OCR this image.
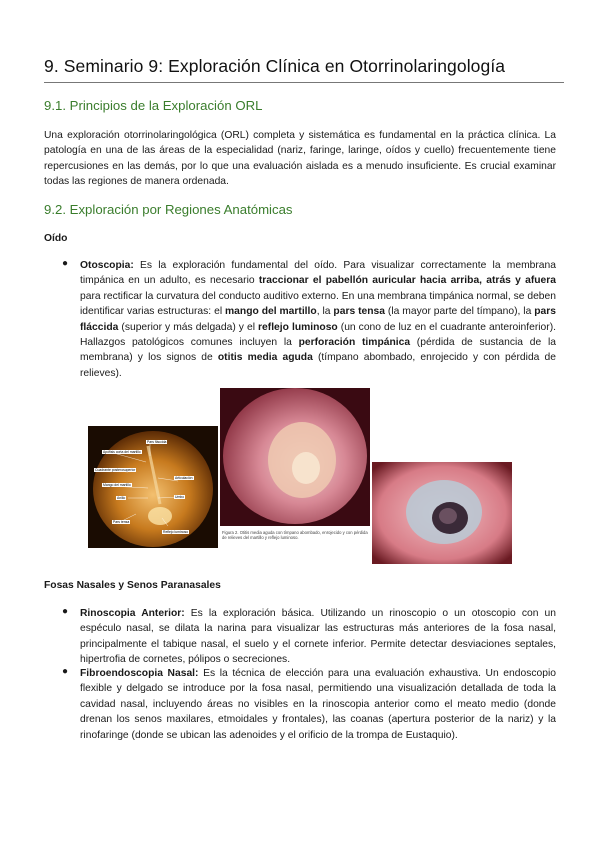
9. Seminario 9: Exploración Clínica en Otorrinolaringología
9.1. Principios de la Exploración ORL

Una exploración otorrinolaringológica (ORL) completa y sistemática es fundamental en la práctica clínica. La patología en una de las áreas de la especialidad (nariz, faringe, laringe, oídos y cuello) frecuentemente tiene repercusiones en las demás, por lo que una evaluación aislada es a menudo insuficiente. Es crucial examinar todas las regiones de manera ordenada.

9.2. Exploración por Regiones Anatómicas
Oído
● Otoscopia: Es la exploración fundamental del oído. Para visualizar correctamente la membrana timpánica en un adulto, es necesario traccionar el pabellón auricular hacia arriba, atrás y afuera para rectificar la curvatura del conducto auditivo externo. En una membrana timpánica normal, se deben identificar varias estructuras: el mango del martillo, la pars tensa (la mayor parte del tímpano), la pars fláccida (superior y más delgada) y el reflejo luminoso (un cono de luz en el cuadrante anteroinferior). Hallazgos patológicos comunes incluyen la perforación timpánica (pérdida de sustancia de la membrana) y los signos de otitis media aguda (tímpano abombado, enrojecido y con pérdida de relieves).

Pars fláccida
Apófisis corta del martillo
Articulación
Mango del martillo
Anillo	Umbo
Cuadrante posterosuperior
Reflejo luminoso
Pars tensa
Figura 2. Otitis media aguda con tímpano abombado, enrojecido y con pérdida de relieves del martillo y reflejo luminoso.
Fosas Nasales y Senos Paranasales
● Rinoscopia Anterior: Es la exploración básica. Utilizando un rinoscopio o un otoscopio con un espéculo nasal, se dilata la narina para visualizar las estructuras más anteriores de la fosa nasal, principalmente el tabique nasal, el suelo y el cornete inferior. Permite detectar desviaciones septales, hipertrofia de cornetes, pólipos o secreciones.

● Fibroendoscopia Nasal: Es la técnica de elección para una evaluación exhaustiva. Un endoscopio flexible y delgado se introduce por la fosa nasal, permitiendo una visualización detallada de toda la cavidad nasal, incluyendo áreas no visibles en la rinoscopia anterior como el meato medio (donde drenan los senos maxilares, etmoidales y frontales), las coanas (apertura posterior de la nariz) y la rinofaringe (donde se ubican las adenoides y el orificio de la trompa de Eustaquio).
